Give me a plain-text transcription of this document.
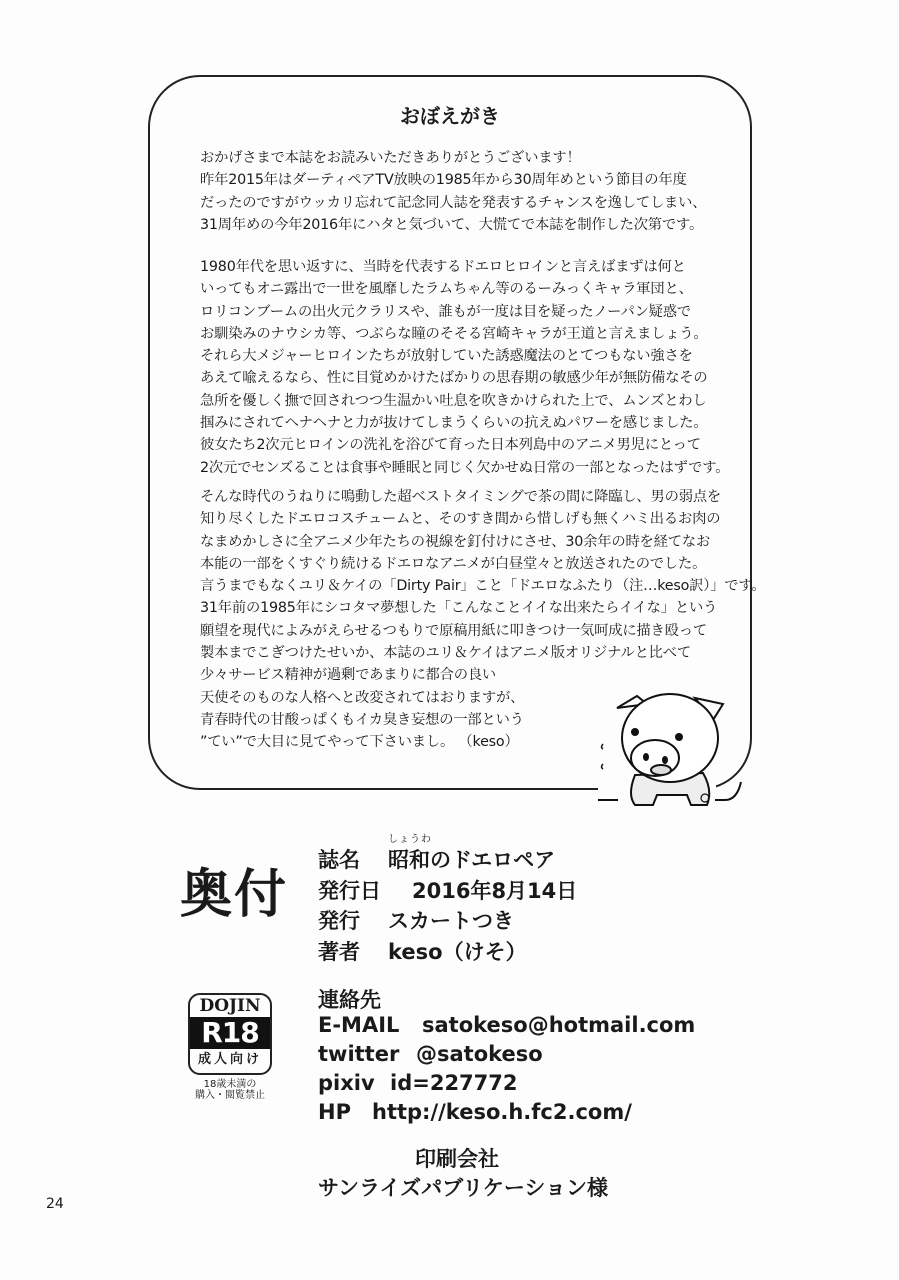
おぼえがき
おかげさまで本誌をお読みいただきありがとうございます！
昨年2015年はダーティペアTV放映の1985年から30周年めという節目の年度
だったのですがウッカリ忘れて記念同人誌を発表するチャンスを逸してしまい、
31周年めの今年2016年にハタと気づいて、大慌てで本誌を制作した次第です。
1980年代を思い返すに、当時を代表するドエロヒロインと言えばまずは何と
いってもオニ露出で一世を風靡したラムちゃん等のるーみっくキャラ軍団と、
ロリコンブームの出火元クラリスや、誰もが一度は目を疑ったノーパン疑惑で
お馴染みのナウシカ等、つぶらな瞳のそそる宮崎キャラが王道と言えましょう。
それら大メジャーヒロインたちが放射していた誘惑魔法のとてつもない強さを
あえて喩えるなら、性に目覚めかけたばかりの思春期の敏感少年が無防備なその
急所を優しく撫で回されつつ生温かい吐息を吹きかけられた上で、ムンズとわし
掴みにされてヘナヘナと力が抜けてしまうくらいの抗えぬパワーを感じました。
彼女たち2次元ヒロインの洗礼を浴びて育った日本列島中のアニメ男児にとって
2次元でセンズることは食事や睡眠と同じく欠かせぬ日常の一部となったはずです。
そんな時代のうねりに鳴動した超ベストタイミングで茶の間に降臨し、男の弱点を
知り尽くしたドエロコスチュームと、そのすき間から惜しげも無くハミ出るお肉の
なまめかしさに全アニメ少年たちの視線を釘付けにさせ、30余年の時を経てなお
本能の一部をくすぐり続けるドエロなアニメが白昼堂々と放送されたのでした。
言うまでもなくユリ＆ケイの「Dirty Pair」こと「ドエロなふたり（注…keso訳）」です。
31年前の1985年にシコタマ夢想した「こんなことイイな出来たらイイな」という
願望を現代によみがえらせるつもりで原稿用紙に叩きつけ一気呵成に描き殴って
製本までこぎつけたせいか、本誌のユリ＆ケイはアニメ版オリジナルと比べて
少々サービス精神が過剰であまりに都合の良い
天使そのものな人格へと改変されてはおりますが、
青春時代の甘酸っぱくもイカ臭き妄想の一部という
”てい”で大目に見てやって下さいまし。 （keso）
奥付
しょうわ
誌名 昭和のドエロペア
発行日 2016年8月14日
発行 スカートつき
著者 keso（けそ）
連絡先
E-MAIL satokeso@hotmail.com
twitter @satokeso
pixiv id=227772
HP http://keso.h.fc2.com/
印刷会社
サンライズパブリケーション様
DOJIN
R18
成人向け
18歳未満の
購入・閲覧禁止
24
